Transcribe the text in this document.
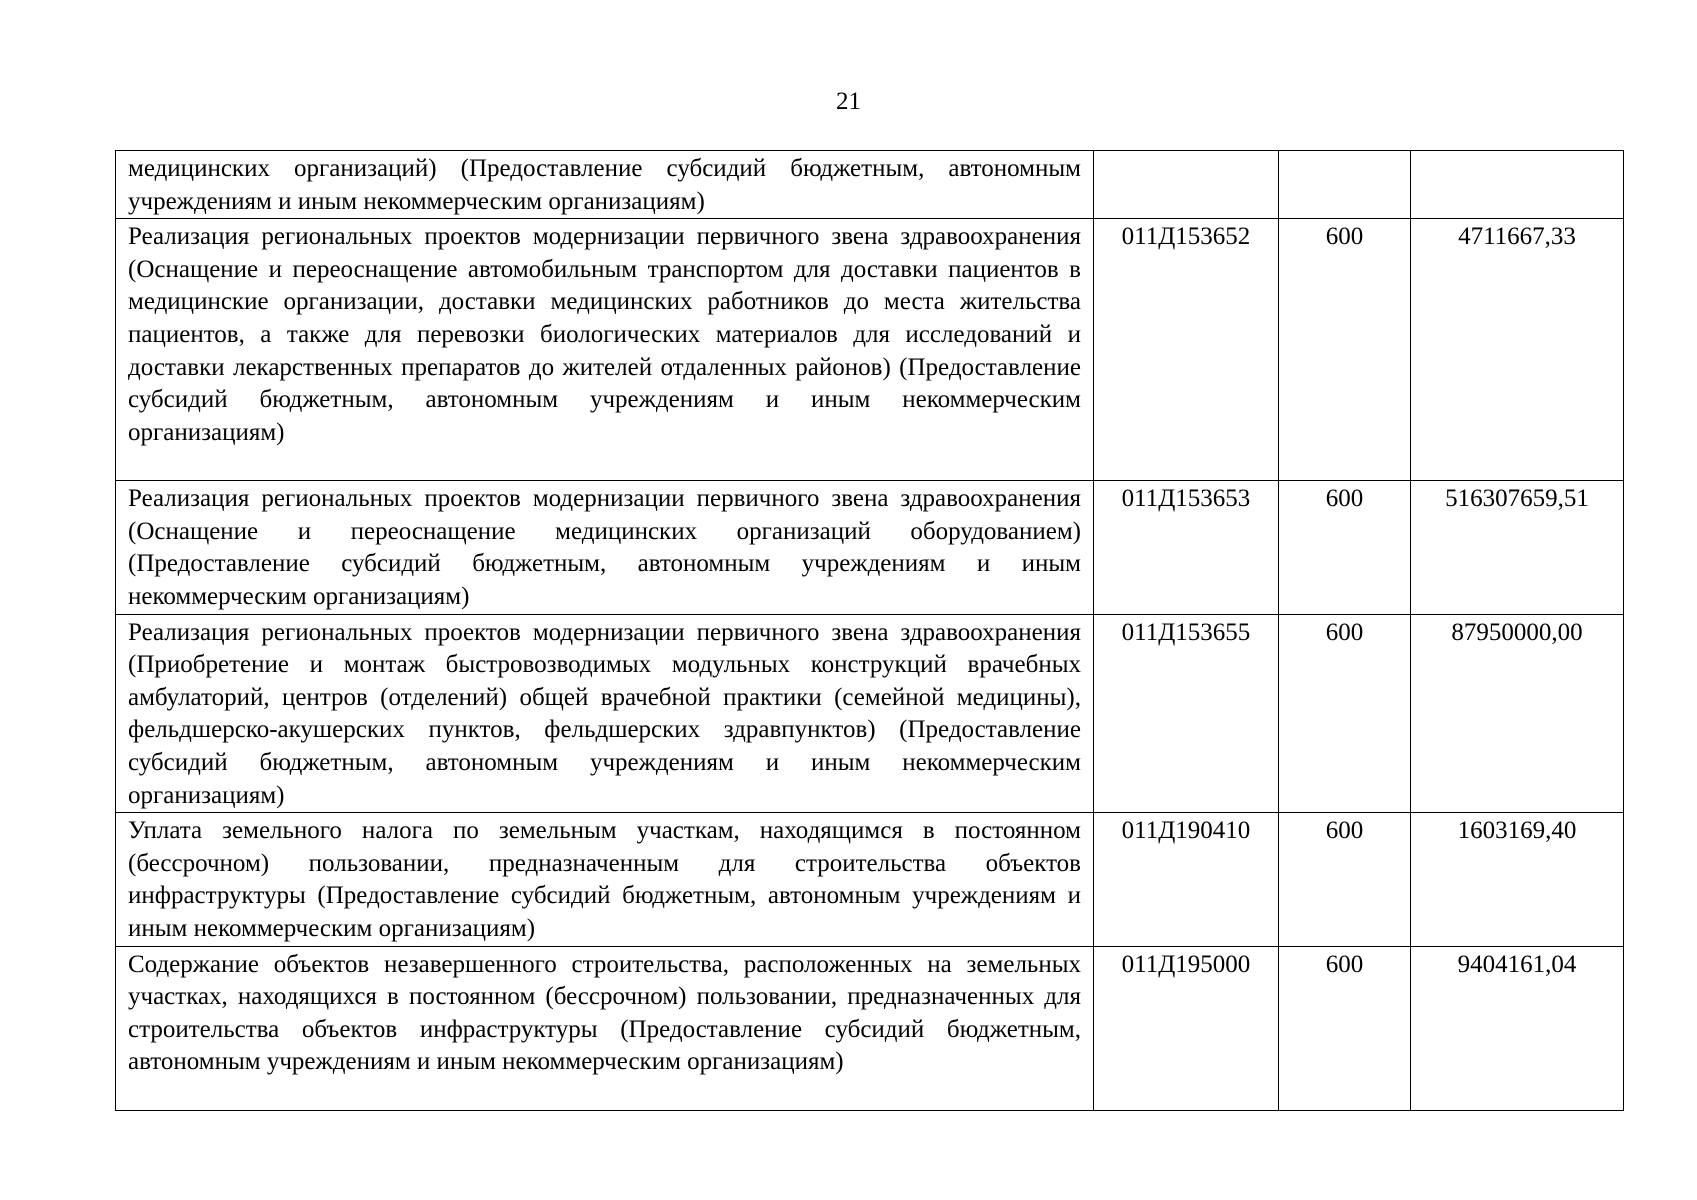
21
медицинских организаций) (Предоставление субсидий бюджетным, автономным учреждениям и иным некоммерческим организациям)			
Реализация региональных проектов модернизации первичного звена здравоохранения (Оснащение и переоснащение автомобильным транспортом для доставки пациентов в медицинские организации, доставки медицинских работников до места жительства пациентов, а также для перевозки биологических материалов для исследований и доставки лекарственных препаратов до жителей отдаленных районов) (Предоставление субсидий бюджетным, автономным учреждениям и иным некоммерческим организациям)	011Д153652	600	4711667,33
Реализация региональных проектов модернизации первичного звена здравоохранения (Оснащение и переоснащение медицинских организаций оборудованием) (Предоставление субсидий бюджетным, автономным учреждениям и иным некоммерческим организациям)	011Д153653	600	516307659,51
Реализация региональных проектов модернизации первичного звена здравоохранения (Приобретение и монтаж быстровозводимых модульных конструкций врачебных амбулаторий, центров (отделений) общей врачебной практики (семейной медицины), фельдшерско-акушерских пунктов, фельдшерских здравпунктов) (Предоставление субсидий бюджетным, автономным учреждениям и иным некоммерческим организациям)	011Д153655	600	87950000,00
Уплата земельного налога по земельным участкам, находящимся в постоянном (бессрочном) пользовании, предназначенным для строительства объектов инфраструктуры (Предоставление субсидий бюджетным, автономным учреждениям и иным некоммерческим организациям)	011Д190410	600	1603169,40
Содержание объектов незавершенного строительства, расположенных на земельных участках, находящихся в постоянном (бессрочном) пользовании, предназначенных для строительства объектов инфраструктуры (Предоставление субсидий бюджетным, автономным учреждениям и иным некоммерческим организациям)	011Д195000	600	9404161,04
